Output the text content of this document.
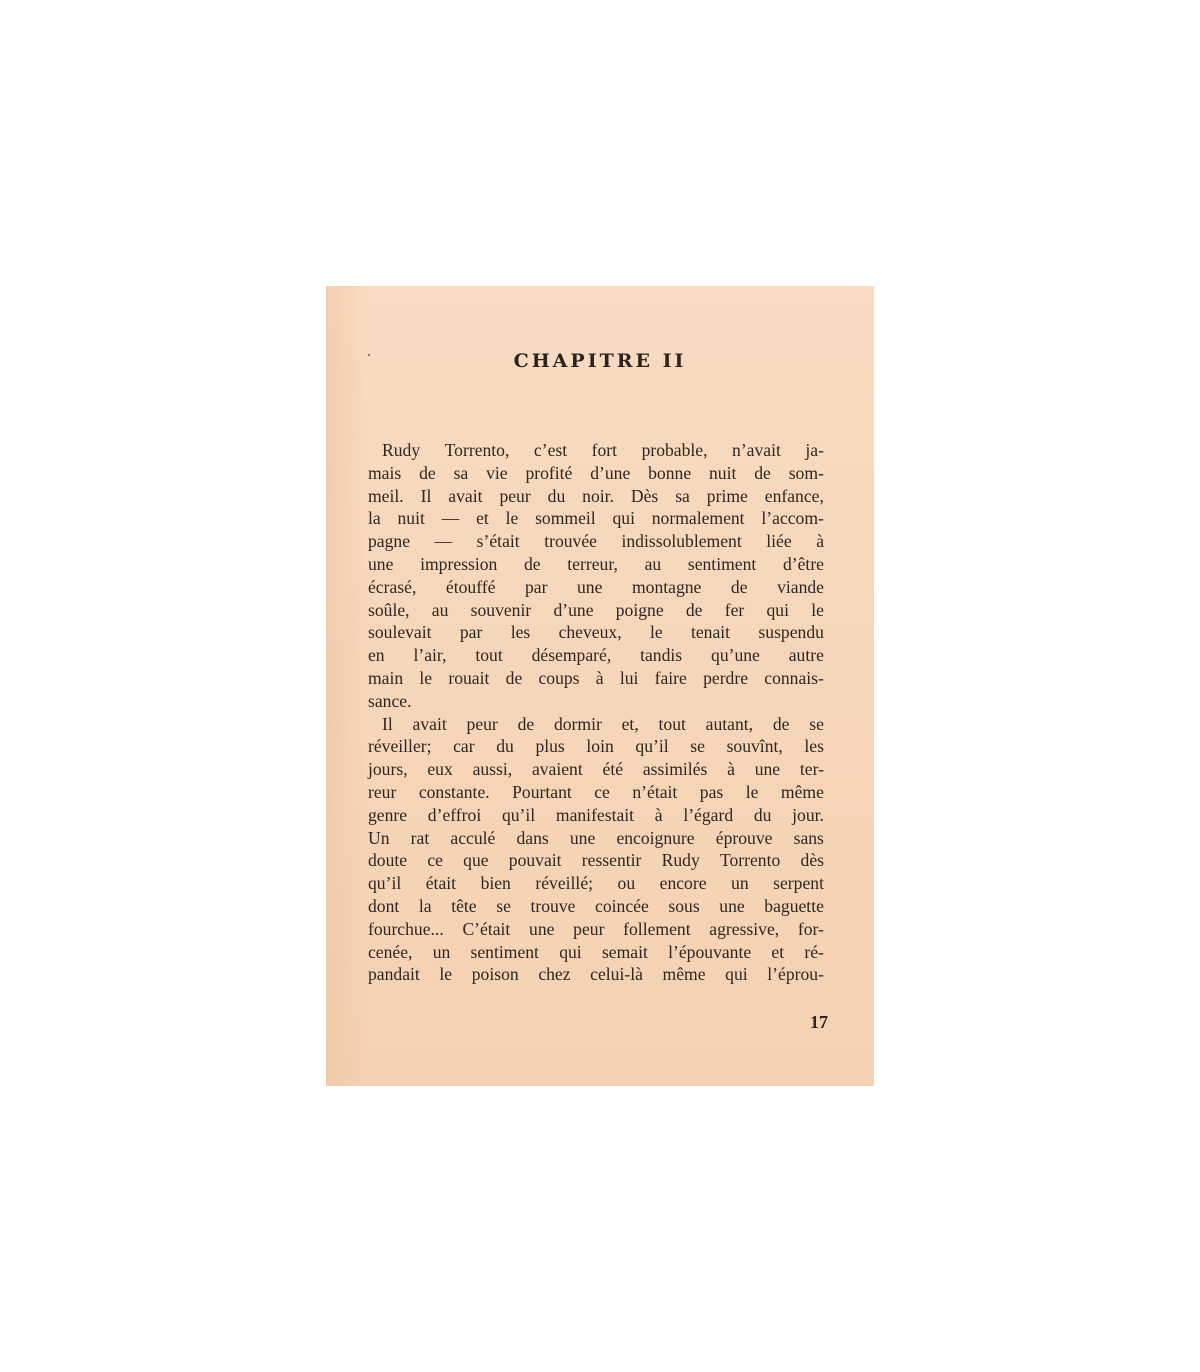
CHAPITRE II
Rudy Torrento, c’est fort probable, n’avait ja-
mais de sa vie profité d’une bonne nuit de som-
meil. Il avait peur du noir. Dès sa prime enfance,
la nuit — et le sommeil qui normalement l’accom-
pagne — s’était trouvée indissolublement liée à
une impression de terreur, au sentiment d’être
écrasé, étouffé par une montagne de viande
soûle, au souvenir d’une poigne de fer qui le
soulevait par les cheveux, le tenait suspendu
en l’air, tout désemparé, tandis qu’une autre
main le rouait de coups à lui faire perdre connais-
sance.
Il avait peur de dormir et, tout autant, de se
réveiller; car du plus loin qu’il se souvînt, les
jours, eux aussi, avaient été assimilés à une ter-
reur constante. Pourtant ce n’était pas le même
genre d’effroi qu’il manifestait à l’égard du jour.
Un rat acculé dans une encoignure éprouve sans
doute ce que pouvait ressentir Rudy Torrento dès
qu’il était bien réveillé; ou encore un serpent
dont la tête se trouve coincée sous une baguette
fourchue... C’était une peur follement agressive, for-
cenée, un sentiment qui semait l’épouvante et ré-
pandait le poison chez celui-là même qui l’éprou-
17
